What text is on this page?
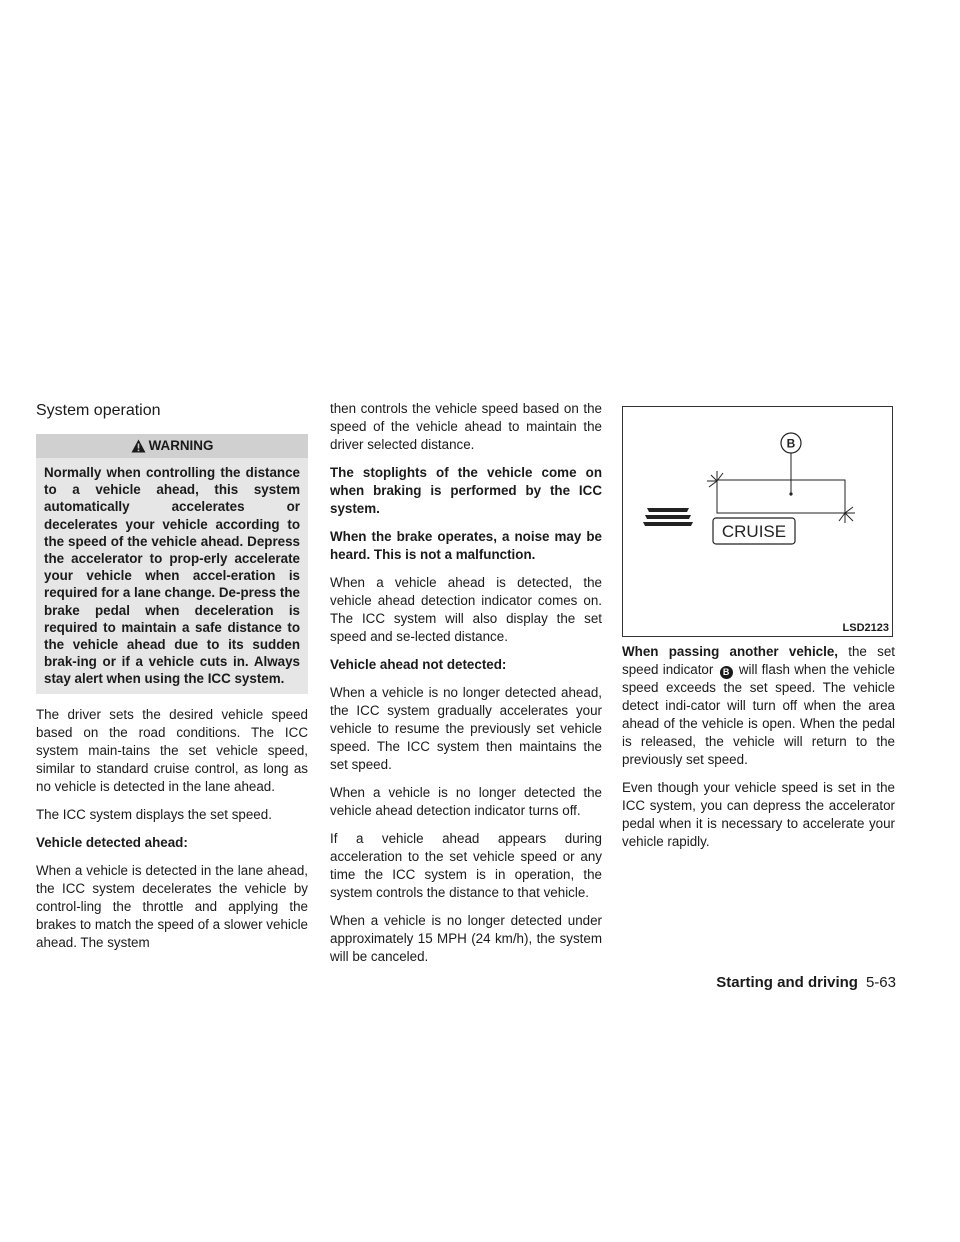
System operation
WARNING
Normally when controlling the distance to a vehicle ahead, this system automatically accelerates or decelerates your vehicle according to the speed of the vehicle ahead. Depress the accelerator to prop-erly accelerate your vehicle when accel-eration is required for a lane change. De-press the brake pedal when deceleration is required to maintain a safe distance to the vehicle ahead due to its sudden brak-ing or if a vehicle cuts in. Always stay alert when using the ICC system.

The driver sets the desired vehicle speed based on the road conditions. The ICC system main-tains the set vehicle speed, similar to standard cruise control, as long as no vehicle is detected in the lane ahead.

The ICC system displays the set speed.

Vehicle detected ahead:

When a vehicle is detected in the lane ahead, the ICC system decelerates the vehicle by control-ling the throttle and applying the brakes to match the speed of a slower vehicle ahead. The system

then controls the vehicle speed based on the speed of the vehicle ahead to maintain the driver selected distance.

The stoplights of the vehicle come on when braking is performed by the ICC system.

When the brake operates, a noise may be heard. This is not a malfunction.

When a vehicle ahead is detected, the vehicle ahead detection indicator comes on. The ICC system will also display the set speed and se-lected distance.

Vehicle ahead not detected:

When a vehicle is no longer detected ahead, the ICC system gradually accelerates your vehicle to resume the previously set vehicle speed. The ICC system then maintains the set speed.

When a vehicle is no longer detected the vehicle ahead detection indicator turns off.

If a vehicle ahead appears during acceleration to the set vehicle speed or any time the ICC system is in operation, the system controls the distance to that vehicle.

When a vehicle is no longer detected under approximately 15 MPH (24 km/h), the system will be canceled.

B
CRUISE
LSD2123

When passing another vehicle, the set speed indicator B will flash when the vehicle speed exceeds the set speed. The vehicle detect indi-cator will turn off when the area ahead of the vehicle is open. When the pedal is released, the vehicle will return to the previously set speed.

Even though your vehicle speed is set in the ICC system, you can depress the accelerator pedal when it is necessary to accelerate your vehicle rapidly.

Starting and driving 5-63
